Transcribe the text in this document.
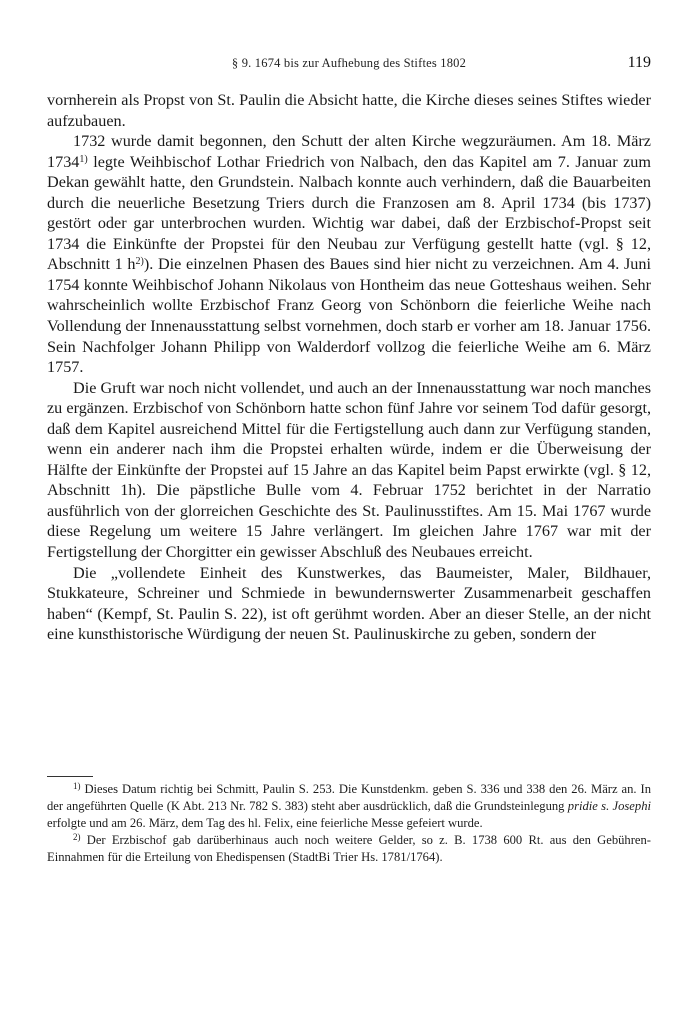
§ 9. 1674 bis zur Aufhebung des Stiftes 1802	119

vornherein als Propst von St. Paulin die Absicht hatte, die Kirche dieses seines Stiftes wieder aufzubauen.

1732 wurde damit begonnen, den Schutt der alten Kirche wegzuräumen. Am 18. März 1734$^{1)}$ legte Weihbischof Lothar Friedrich von Nalbach, den das Kapitel am 7. Januar zum Dekan gewählt hatte, den Grundstein. Nalbach konnte auch verhindern, daß die Bauarbeiten durch die neuerliche Besetzung Triers durch die Franzosen am 8. April 1734 (bis 1737) gestört oder gar unterbrochen wurden. Wichtig war dabei, daß der Erzbischof-Propst seit 1734 die Einkünfte der Propstei für den Neubau zur Verfügung gestellt hatte (vgl. § 12, Abschnitt 1 $h^{2)}$). Die einzelnen Phasen des Baues sind hier nicht zu verzeichnen. Am 4. Juni 1754 konnte Weihbischof Johann Nikolaus von Hontheim das neue Gotteshaus weihen. Sehr wahrscheinlich wollte Erzbischof Franz Georg von Schönborn die feierliche Weihe nach Vollendung der Innenausstattung selbst vornehmen, doch starb er vorher am 18. Januar 1756. Sein Nachfolger Johann Philipp von Walderdorf vollzog die feierliche Weihe am 6. März 1757.

Die Gruft war noch nicht vollendet, und auch an der Innenausstattung war noch manches zu ergänzen. Erzbischof von Schönborn hatte schon fünf Jahre vor seinem Tod dafür gesorgt, daß dem Kapitel ausreichend Mittel für die Fertigstellung auch dann zur Verfügung standen, wenn ein anderer nach ihm die Propstei erhalten würde, indem er die Überweisung der Hälfte der Einkünfte der Propstei auf 15 Jahre an das Kapitel beim Papst erwirkte (vgl. § 12, Abschnitt 1h). Die päpstliche Bulle vom 4. Februar 1752 berichtet in der Narratio ausführlich von der glorreichen Geschichte des St. Paulinusstiftes. Am 15. Mai 1767 wurde diese Regelung um weitere 15 Jahre verlängert. Im gleichen Jahre 1767 war mit der Fertigstellung der Chorgitter ein gewisser Abschluß des Neubaues erreicht.

Die „vollendete Einheit des Kunstwerkes, das Baumeister, Maler, Bildhauer, Stukkateure, Schreiner und Schmiede in bewundernswerter Zusammenarbeit geschaffen haben“ (Kempf, St. Paulin S. 22), ist oft gerühmt worden. Aber an dieser Stelle, an der nicht eine kunsthistorische Würdigung der neuen St. Paulinuskirche zu geben, sondern der

$^{1)}$ Dieses Datum richtig bei Schmitt, Paulin S. 253. Die Kunstdenkm. geben S. 336 und 338 den 26. März an. In der angeführten Quelle (K Abt. 213 Nr. 782 S. 383) steht aber ausdrücklich, daß die Grundsteinlegung pridie s. Josephi erfolgte und am 26. März, dem Tag des hl. Felix, eine feierliche Messe gefeiert wurde.

$^{2)}$ Der Erzbischof gab darüberhinaus auch noch weitere Gelder, so z. B. 1738 600 Rt. aus den Gebühren-Einnahmen für die Erteilung von Ehedispensen (StadtBi Trier Hs. 1781/1764).
